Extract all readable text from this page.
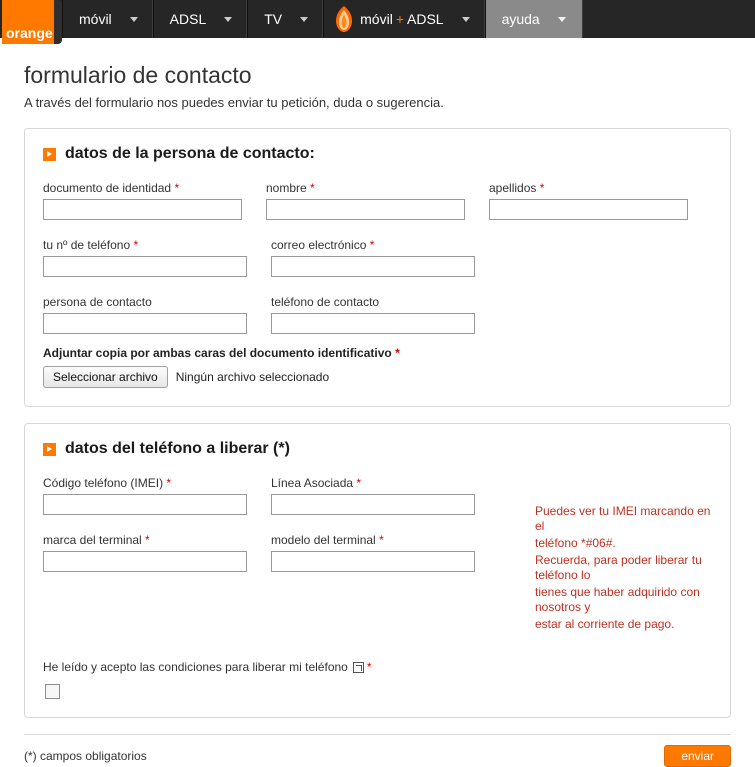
orange
móvil	ADSL	TV	móvil + ADSL	ayuda
formulario de contacto
A través del formulario nos puedes enviar tu petición, duda o sugerencia.
datos de la persona de contacto:
documento de identidad *	nombre *	apellidos *
tu nº de teléfono *	correo electrónico *
persona de contacto	teléfono de contacto
Adjuntar copia por ambas caras del documento identificativo *
Seleccionar archivo	Ningún archivo seleccionado
datos del teléfono a liberar (*)
Código teléfono (IMEI) *	Línea Asociada *
marca del terminal *	modelo del terminal *

Puedes ver tu IMEI marcando en el

teléfono *#06#.

Recuerda, para poder liberar tu teléfono lo

tienes que haber adquirido con nosotros y

estar al corriente de pago.

He leído y acepto las condiciones para liberar mi teléfono *
(*) campos obligatorios	enviar
